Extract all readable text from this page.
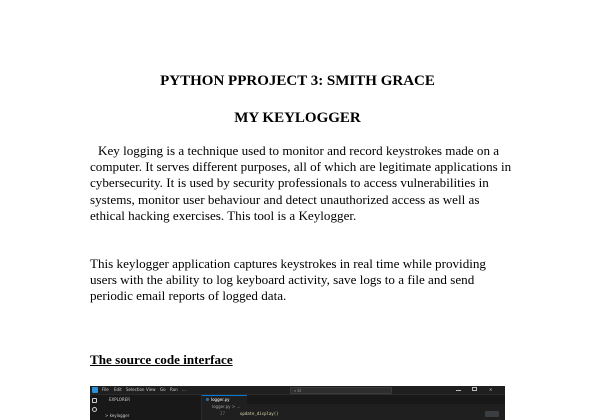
PYTHON PPROJECT 3: SMITH GRACE
MY KEYLOGGER
Key logging is a technique used to monitor and record keystrokes made on a computer. It serves different purposes, all of which are legitimate applications in cybersecurity. It is used by security professionals to access vulnerabilities in systems, monitor user behaviour and detect unauthorized access as well as ethical hacking exercises. This tool is a Keylogger.
This keylogger application captures keystrokes in real time while providing users with the ability to log keyboard activity, save logs to a file and send periodic email reports of logged data.
The source code interface
File Edit Selection View Go Run ...	⌕ kl	✕
EXPLORER
> keylogger
logger.py
logger.py > ...
27	update_display()
